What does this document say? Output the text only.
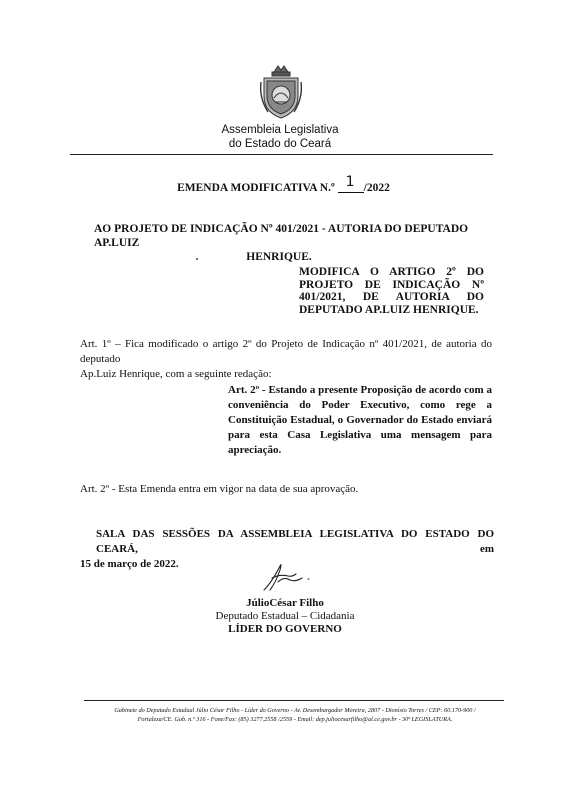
Assembleia Legislativa
do Estado do Ceará
EMENDA MODIFICATIVA N.º 1 /2022
AO PROJETO DE INDICAÇÃO Nº 401/2021 - AUTORIA DO DEPUTADO AP.LUIZ
HENRIQUE.
MODIFICA O ARTIGO 2º DO PROJETO DE INDICAÇÃO Nº 401/2021, DE AUTORIA DO DEPUTADO AP.LUIZ HENRIQUE.
Art. 1º – Fica modificado o artigo 2º do Projeto de Indicação nº 401/2021, de autoria do deputado
Ap.Luiz Henrique, com a seguinte redação:
Art. 2º - Estando a presente Proposição de acordo com a conveniência do Poder Executivo, como rege a Constituição Estadual, o Governador do Estado enviará para esta Casa Legislativa uma mensagem para apreciação.
Art. 2º - Esta Emenda entra em vigor na data de sua aprovação.
SALA DAS SESSÕES DA ASSEMBLEIA LEGISLATIVA DO ESTADO DO CEARÁ, em
15 de março de 2022.
JúlioCésar Filho
Deputado Estadual – Cidadania
LÍDER DO GOVERNO
Gabinete do Deputado Estadual Júlio César Filho - Líder do Governo - Av. Desembargador Moreira, 2807 - Dionísio Torres / CEP: 60.170-900 /
Fortaleza/CE. Gab. n.º 316 - Fone/Fax: (85) 3277.2558 /2559 - Email: dep.juliocesarfilho@al.ce.gov.br - 30ª LEGISLATURA.
